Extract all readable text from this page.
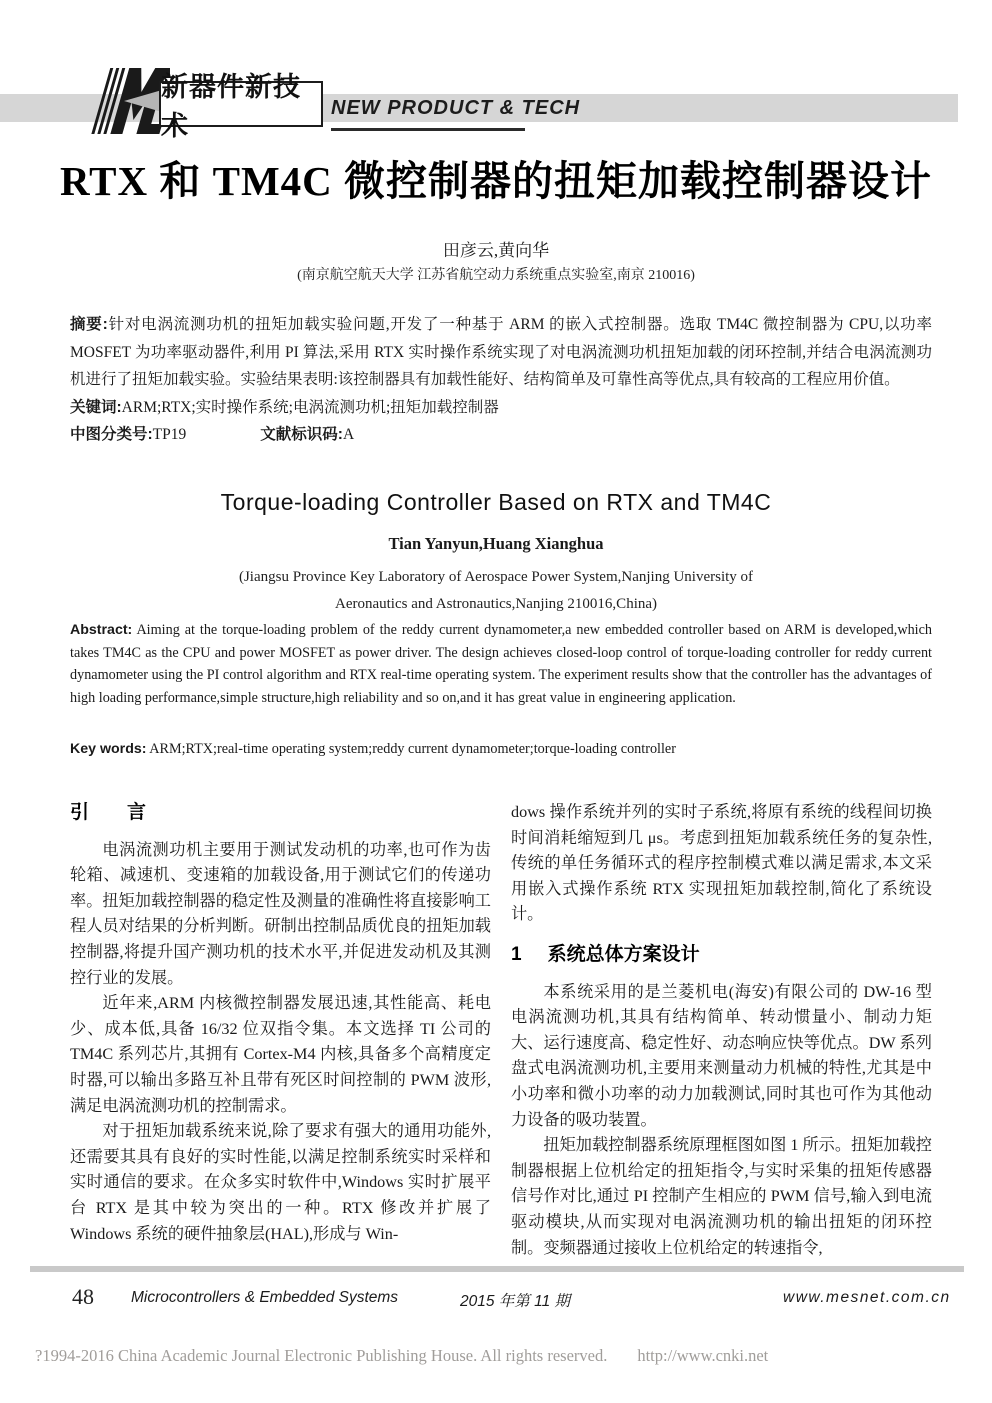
新器件新技术
NEW PRODUCT & TECH
RTX 和 TM4C 微控制器的扭矩加载控制器设计
田彦云,黄向华
(南京航空航天大学 江苏省航空动力系统重点实验室,南京 210016)

摘要:针对电涡流测功机的扭矩加载实验问题,开发了一种基于 ARM 的嵌入式控制器。选取 TM4C 微控制器为 CPU,以功率 MOSFET 为功率驱动器件,利用 PI 算法,采用 RTX 实时操作系统实现了对电涡流测功机扭矩加载的闭环控制,并结合电涡流测功机进行了扭矩加载实验。实验结果表明:该控制器具有加载性能好、结构简单及可靠性高等优点,具有较高的工程应用价值。

关键词:ARM;RTX;实时操作系统;电涡流测功机;扭矩加载控制器

中图分类号:TP19	文献标识码:A

Torque-loading Controller Based on RTX and TM4C
Tian Yanyun,Huang Xianghua
(Jiangsu Province Key Laboratory of Aerospace Power System,Nanjing University of
Aeronautics and Astronautics,Nanjing 210016,China)
Abstract: Aiming at the torque-loading problem of the reddy current dynamometer,a new embedded controller based on ARM is developed,which takes TM4C as the CPU and power MOSFET as power driver. The design achieves closed-loop control of torque-loading controller for reddy current dynamometer using the PI control algorithm and RTX real-time operating system. The experiment results show that the controller has the advantages of high loading performance,simple structure,high reliability and so on,and it has great value in engineering application.
Key words: ARM;RTX;real-time operating system;reddy current dynamometer;torque-loading controller
引　　言

电涡流测功机主要用于测试发动机的功率,也可作为齿轮箱、减速机、变速箱的加载设备,用于测试它们的传递功率。扭矩加载控制器的稳定性及测量的准确性将直接影响工程人员对结果的分析判断。研制出控制品质优良的扭矩加载控制器,将提升国产测功机的技术水平,并促进发动机及其测控行业的发展。

近年来,ARM 内核微控制器发展迅速,其性能高、耗电少、成本低,具备 16/32 位双指令集。本文选择 TI 公司的 TM4C 系列芯片,其拥有 Cortex-M4 内核,具备多个高精度定时器,可以输出多路互补且带有死区时间控制的 PWM 波形,满足电涡流测功机的控制需求。

对于扭矩加载系统来说,除了要求有强大的通用功能外,还需要其具有良好的实时性能,以满足控制系统实时采样和实时通信的要求。在众多实时软件中,Windows 实时扩展平台 RTX 是其中较为突出的一种。RTX 修改并扩展了 Windows 系统的硬件抽象层(HAL),形成与 Win-

dows 操作系统并列的实时子系统,将原有系统的线程间切换时间消耗缩短到几 μs。考虑到扭矩加载系统任务的复杂性,传统的单任务循环式的程序控制模式难以满足需求,本文采用嵌入式操作系统 RTX 实现扭矩加载控制,简化了系统设计。

1 系统总体方案设计

本系统采用的是兰菱机电(海安)有限公司的 DW-16 型电涡流测功机,其具有结构简单、转动惯量小、制动力矩大、运行速度高、稳定性好、动态响应快等优点。DW 系列盘式电涡流测功机,主要用来测量动力机械的特性,尤其是中小功率和微小功率的动力加载测试,同时其也可作为其他动力设备的吸功装置。

扭矩加载控制器系统原理框图如图 1 所示。扭矩加载控制器根据上位机给定的扭矩指令,与实时采集的扭矩传感器信号作对比,通过 PI 控制产生相应的 PWM 信号,输入到电流驱动模块,从而实现对电涡流测功机的输出扭矩的闭环控制。变频器通过接收上位机给定的转速指令,

48 Microcontrollers & Embedded Systems	2015 年第 11 期	www.mesnet.com.cn
?1994-2016 China Academic Journal Electronic Publishing House. All rights reserved. http://www.cnki.net
